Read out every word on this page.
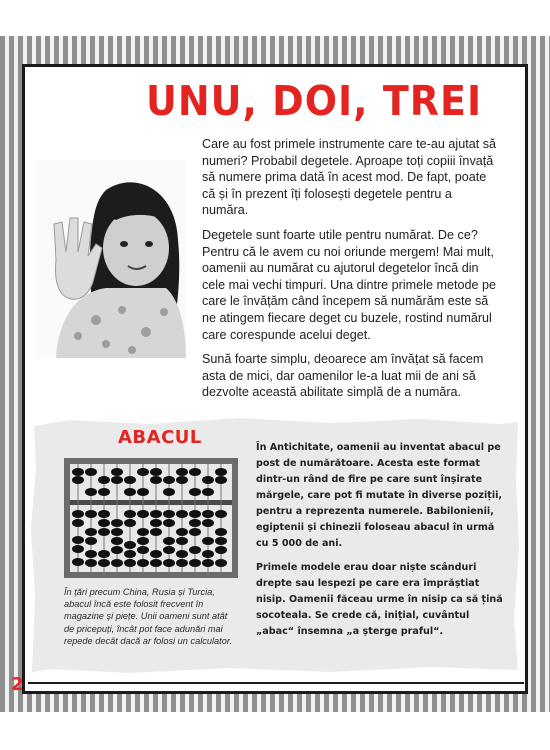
UNU, DOI, TREI

Care au fost primele instrumente care te-au ajutat să numeri? Probabil degetele. Aproape toți copiii învață să numere prima dată în acest mod. De fapt, poate că și în prezent îți folosești degetele pentru a număra.

Degetele sunt foarte utile pentru numărat. De ce? Pentru că le avem cu noi oriunde mergem! Mai mult, oamenii au numărat cu ajutorul degetelor încă din cele mai vechi timpuri. Una dintre primele metode pe care le învățăm când începem să numărăm este să ne atingem fiecare deget cu buzele, rostind numărul care corespunde acelui deget.

Sună foarte simplu, deoarece am învățat să facem asta de mici, dar oamenilor le-a luat mii de ani să dezvolte această abilitate simplă de a număra.

ABACUL

În țări precum China, Rusia și Turcia, abacul încă este folosit frecvent în magazine și piețe. Unii oameni sunt atât de pricepuți, încât pot face adunări mai repede decât dacă ar folosi un calculator.

În Antichitate, oamenii au inventat abacul pe post de numărătoare. Acesta este format dintr-un rând de fire pe care sunt înșirate mărgele, care pot fi mutate în diverse poziții, pentru a reprezenta numerele. Babilonienii, egiptenii și chinezii foloseau abacul în urmă cu 5 000 de ani.

Primele modele erau doar niște scânduri drepte sau lespezi pe care era împrăștiat nisip. Oamenii făceau urme în nisip ca să țină socoteala. Se crede că, inițial, cuvântul „abac“ însemna „a șterge praful“.

2
